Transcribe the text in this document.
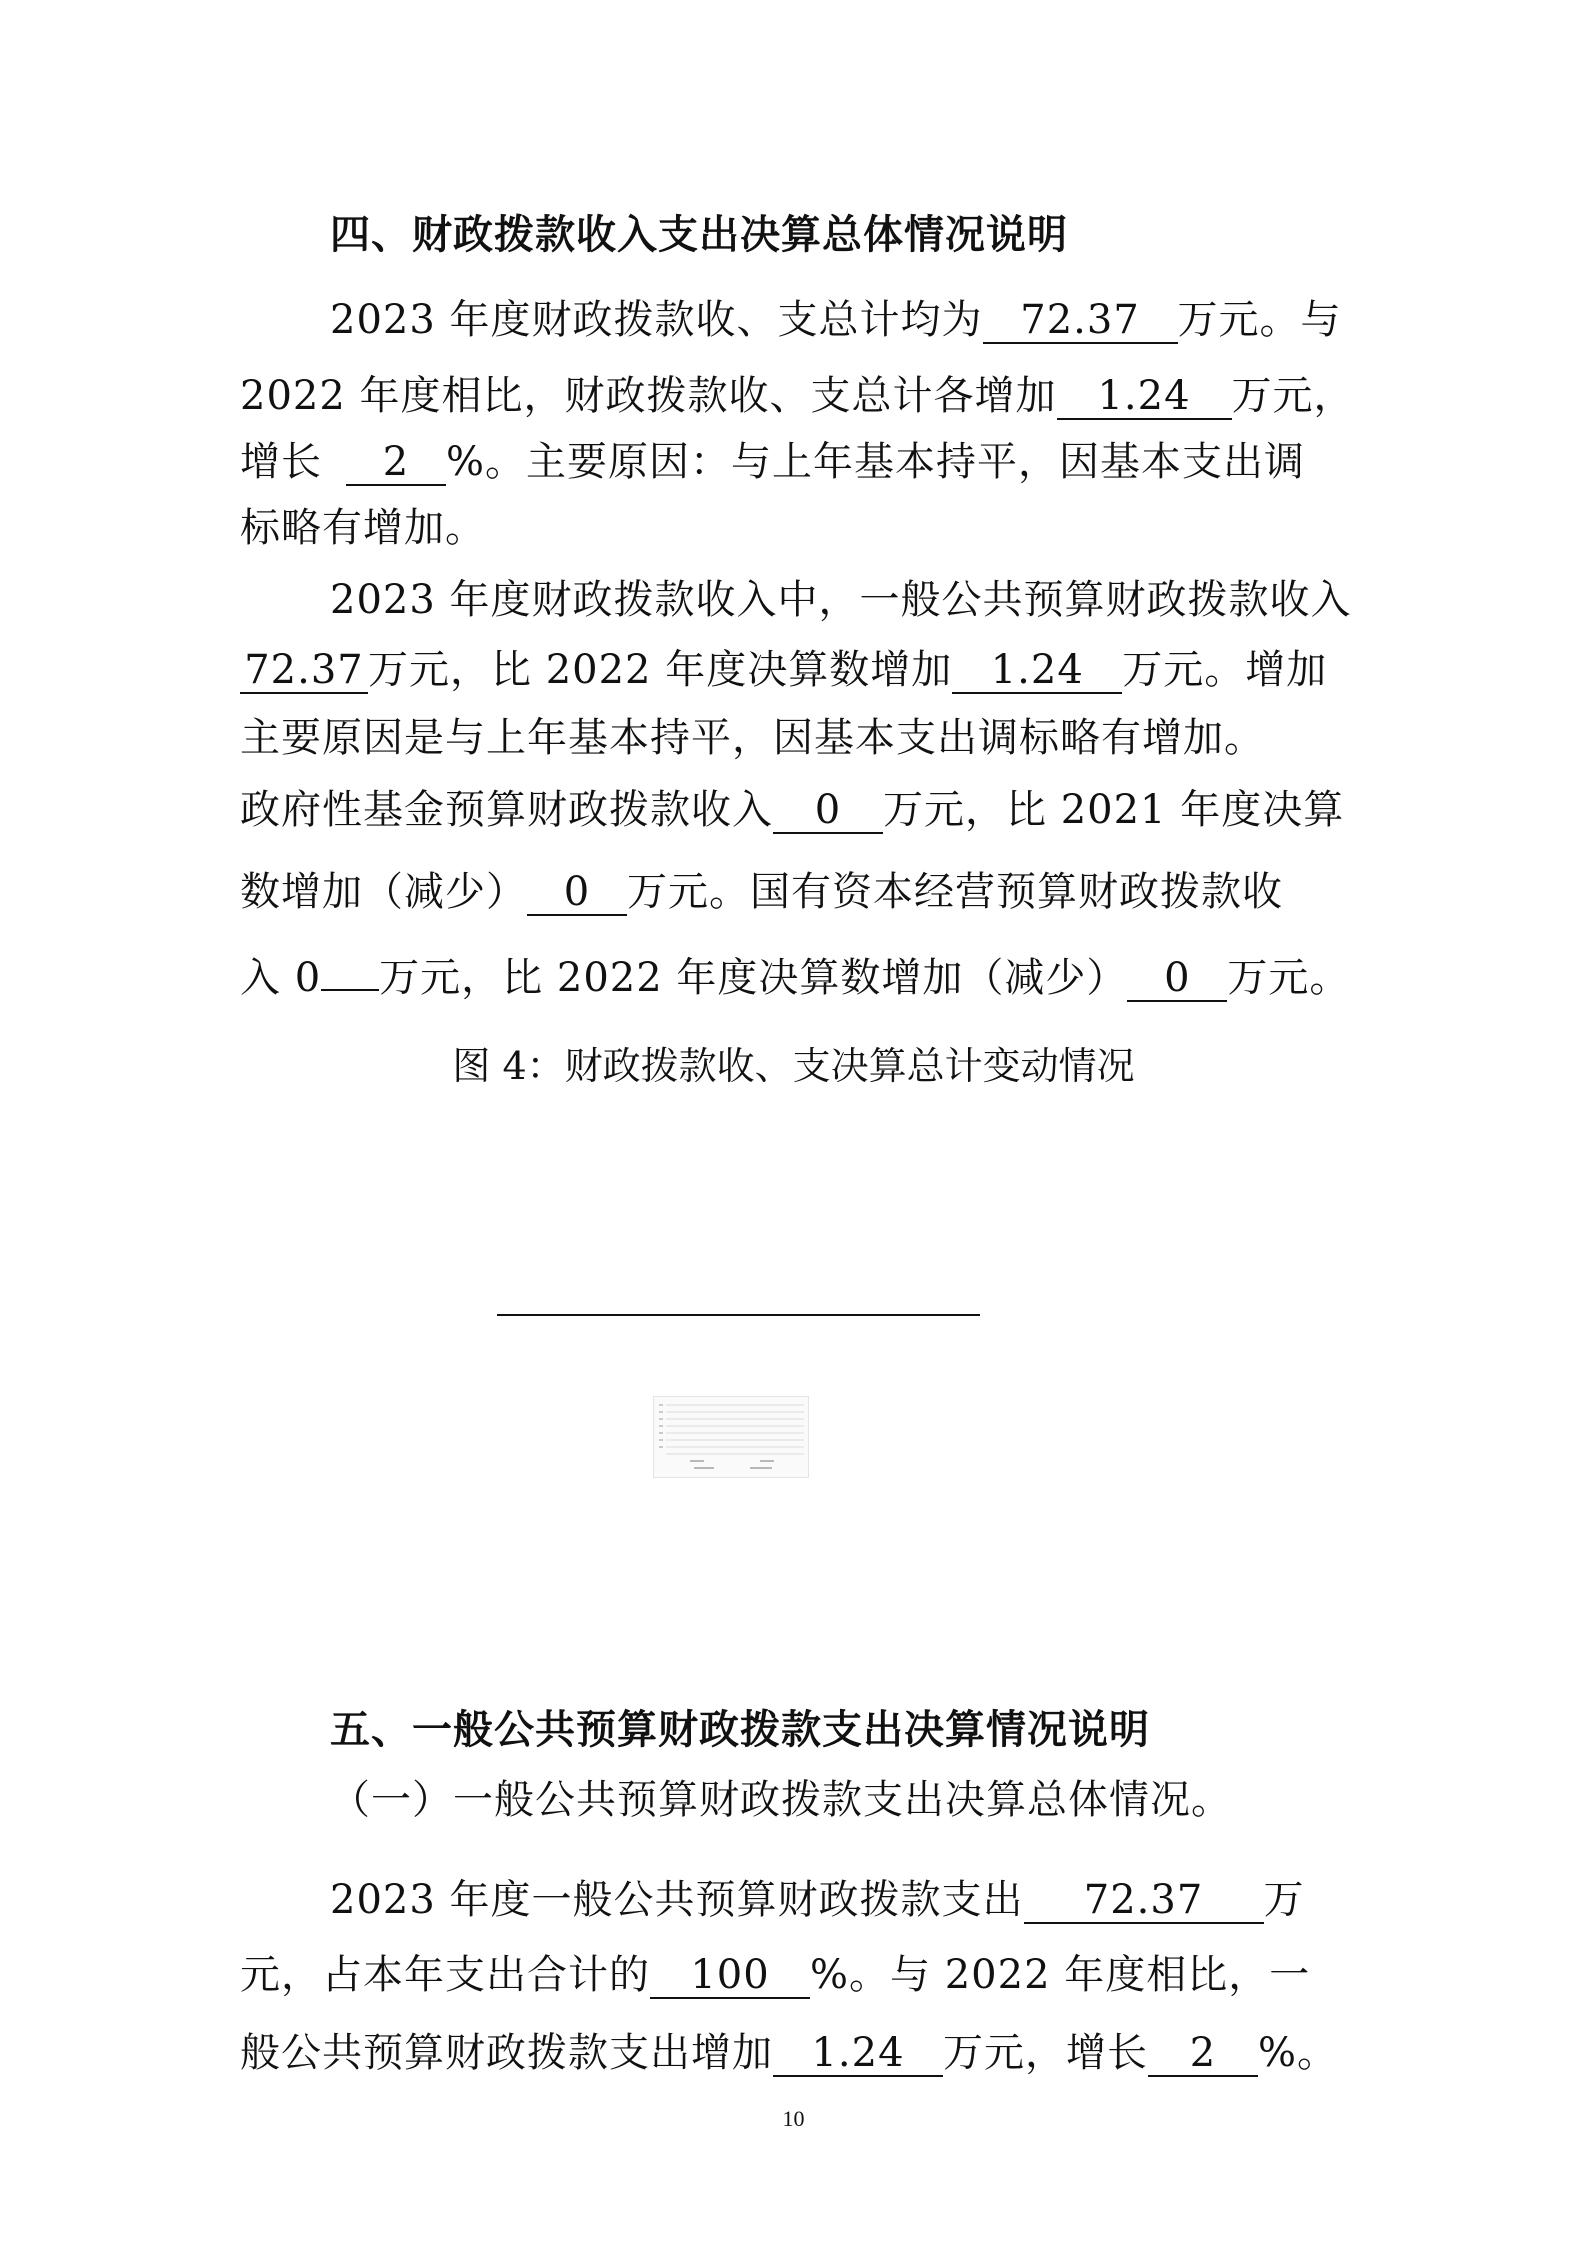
四、财政拨款收入支出决算总体情况说明
2023 年度财政拨款收、支总计均为 72.37 万元。与
2022 年度相比，财政拨款收、支总计各增加 1.24 万元，
增长 2 %。主要原因：与上年基本持平，因基本支出调
标略有增加。
2023 年度财政拨款收入中，一般公共预算财政拨款收入
72.37 万元，比 2022 年度决算数增加 1.24 万元。增加
主要原因是与上年基本持平，因基本支出调标略有增加。
政府性基金预算财政拨款收入 0 万元，比 2021 年度决算
数增加（减少） 0 万元。国有资本经营预算财政拨款收
入 0 万元，比 2022 年度决算数增加（减少） 0 万元。
图 4：财政拨款收、支决算总计变动情况
五、一般公共预算财政拨款支出决算情况说明
（一）一般公共预算财政拨款支出决算总体情况。
2023 年度一般公共预算财政拨款支出 72.37 万
元，占本年支出合计的 100 %。与 2022 年度相比，一
般公共预算财政拨款支出增加 1.24 万元，增长 2 %。
10
